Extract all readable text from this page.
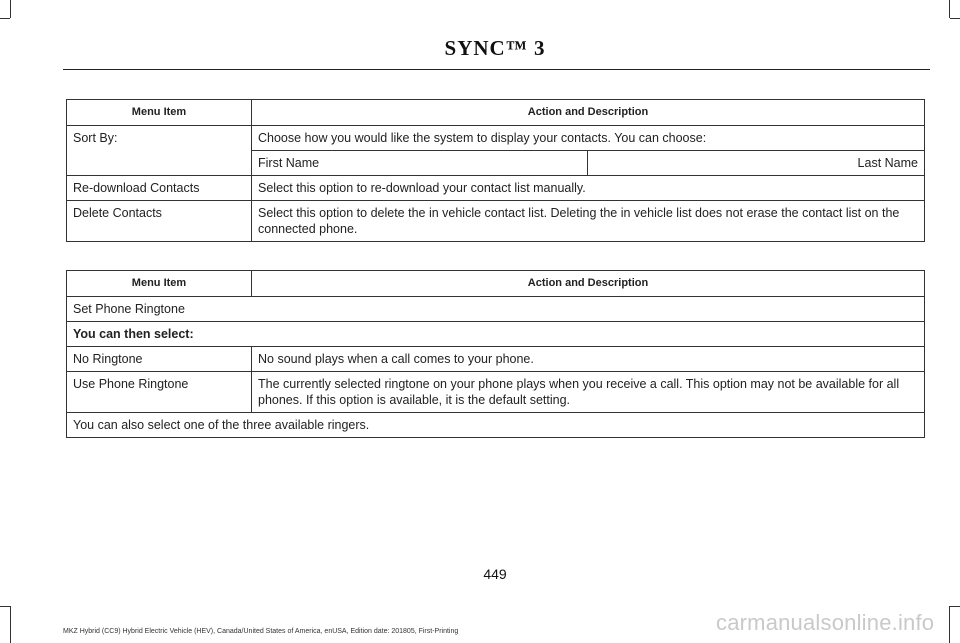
SYNC™ 3
Menu Item	Action and Description	
Sort By:	Choose how you would like the system to display your contacts. You can choose:	
	First Name	Last Name
Re-download Contacts	Select this option to re-download your contact list manually.	
Delete Contacts	Select this option to delete the in vehicle contact list. Deleting the in vehicle list does not erase the contact list on the connected phone.	
Menu Item	Action and Description
Set Phone Ringtone	
You can then select:	
No Ringtone	No sound plays when a call comes to your phone.
Use Phone Ringtone	The currently selected ringtone on your phone plays when you receive a call. This option may not be available for all phones. If this option is available, it is the default setting.
You can also select one of the three available ringers.	
449
MKZ Hybrid (CC9) Hybrid Electric Vehicle (HEV), Canada/United States of America, enUSA, Edition date: 201805, First-Printing	carmanualsonline.info
